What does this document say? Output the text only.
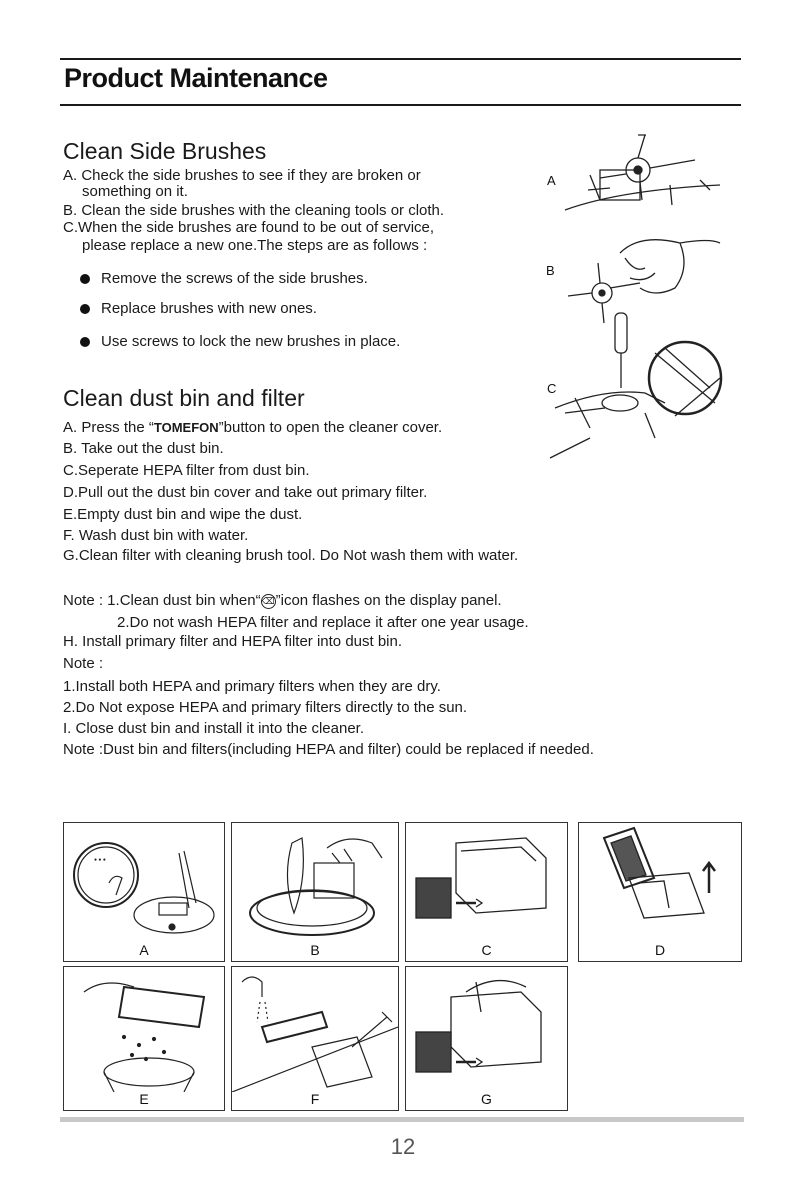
Product Maintenance
Clean Side Brushes
A. Check the side brushes to see if they are broken or
something on it.
B. Clean the side brushes with the cleaning tools or cloth.
C.When the side brushes are found to be out of service,
please replace a new one.The steps are as follows :
Remove the screws of the side brushes.
Replace brushes with new ones.
Use screws to lock the new brushes in place.
A
B
C
Clean dust bin and filter
A. Press the “TOMEFON”button to open the cleaner cover.
B. Take out the dust bin.
C.Seperate HEPA filter from dust bin.
D.Pull out the dust bin cover and take out primary filter.
E.Empty dust bin and wipe the dust.
F. Wash dust bin with water.
G.Clean filter with cleaning brush tool. Do Not wash them with water.
Note : 1.Clean dust bin when“⌫”icon flashes on the display panel.
2.Do not wash HEPA filter and replace it after one year usage.
H. Install primary filter and HEPA filter into dust bin.
Note :
1.Install both HEPA and primary filters when they are dry.
2.Do Not expose HEPA and primary filters directly to the sun.
I. Close dust bin and install it into the cleaner.
Note :Dust bin and filters(including HEPA and filter) could be replaced if needed.
● ● ●
A	B	C	D
E	F	G
12
